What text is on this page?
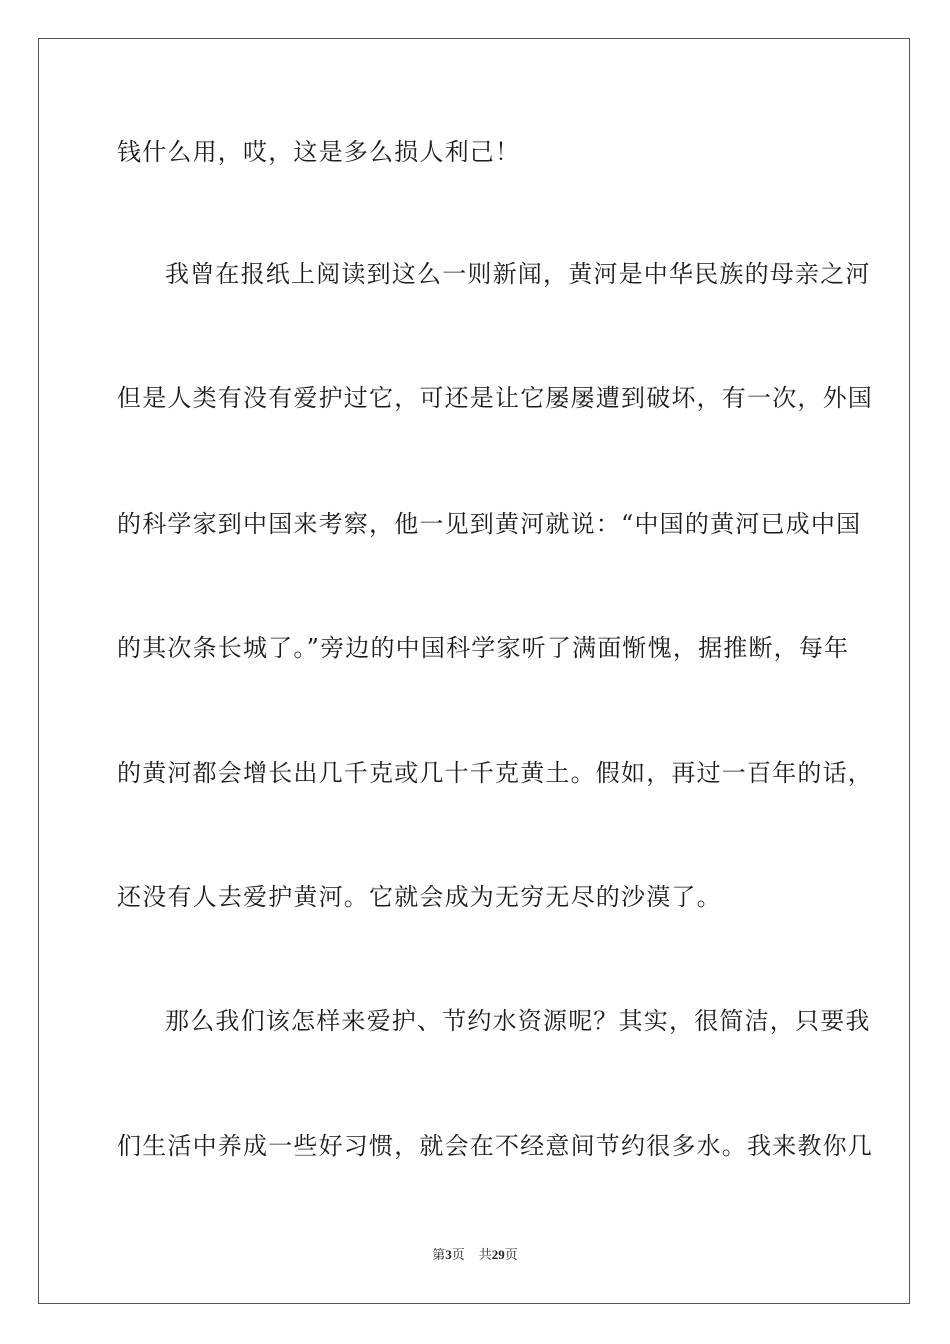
钱什么用，哎，这是多么损人利己！
我曾在报纸上阅读到这么一则新闻，黄河是中华民族的母亲之河
但是人类有没有爱护过它，可还是让它屡屡遭到破坏，有一次，外国
的科学家到中国来考察，他一见到黄河就说：“中国的黄河已成中国
的其次条长城了。”旁边的中国科学家听了满面惭愧，据推断，每年
的黄河都会增长出几千克或几十千克黄土。假如，再过一百年的话，
还没有人去爱护黄河。它就会成为无穷无尽的沙漠了。
那么我们该怎样来爱护、节约水资源呢？其实，很简洁，只要我
们生活中养成一些好习惯，就会在不经意间节约很多水。我来教你几
第3页 共29页
